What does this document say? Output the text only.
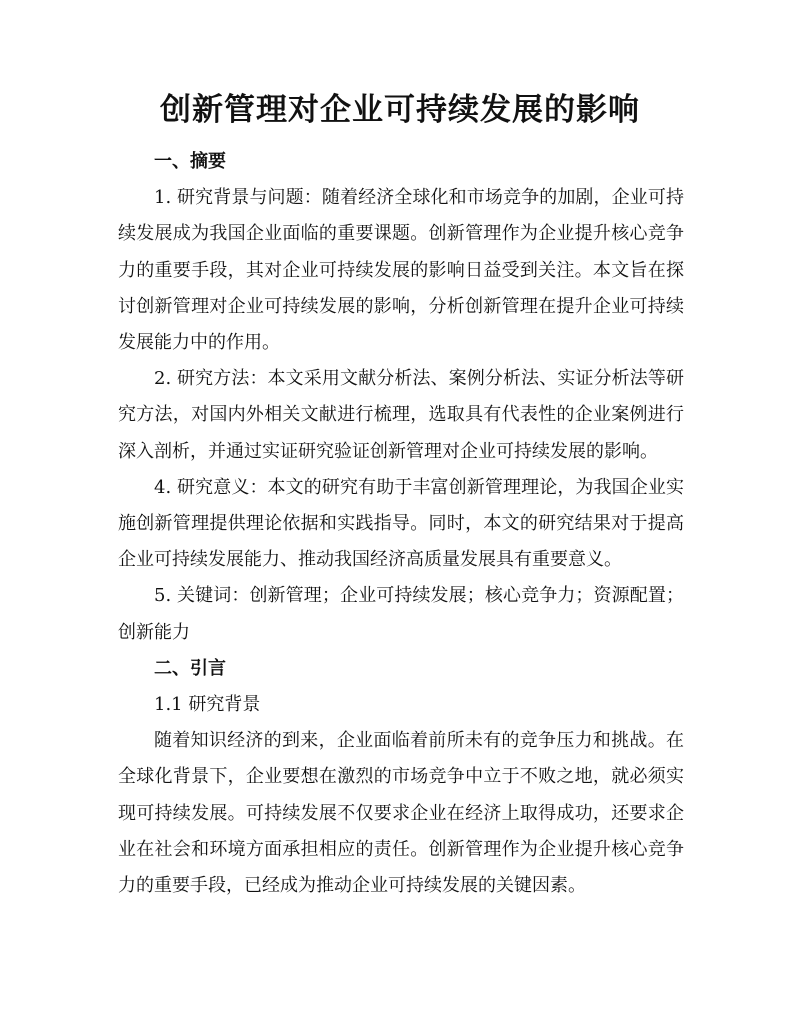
创新管理对企业可持续发展的影响

一、摘要

1. 研究背景与问题：随着经济全球化和市场竞争的加剧，企业可持续发展成为我国企业面临的重要课题。创新管理作为企业提升核心竞争力的重要手段，其对企业可持续发展的影响日益受到关注。本文旨在探讨创新管理对企业可持续发展的影响，分析创新管理在提升企业可持续发展能力中的作用。

2. 研究方法：本文采用文献分析法、案例分析法、实证分析法等研究方法，对国内外相关文献进行梳理，选取具有代表性的企业案例进行深入剖析，并通过实证研究验证创新管理对企业可持续发展的影响。

4. 研究意义：本文的研究有助于丰富创新管理理论，为我国企业实施创新管理提供理论依据和实践指导。同时，本文的研究结果对于提高企业可持续发展能力、推动我国经济高质量发展具有重要意义。

5. 关键词：创新管理；企业可持续发展；核心竞争力；资源配置；创新能力

二、引言

1.1 研究背景

随着知识经济的到来，企业面临着前所未有的竞争压力和挑战。在全球化背景下，企业要想在激烈的市场竞争中立于不败之地，就必须实现可持续发展。可持续发展不仅要求企业在经济上取得成功，还要求企业在社会和环境方面承担相应的责任。创新管理作为企业提升核心竞争力的重要手段，已经成为推动企业可持续发展的关键因素。
